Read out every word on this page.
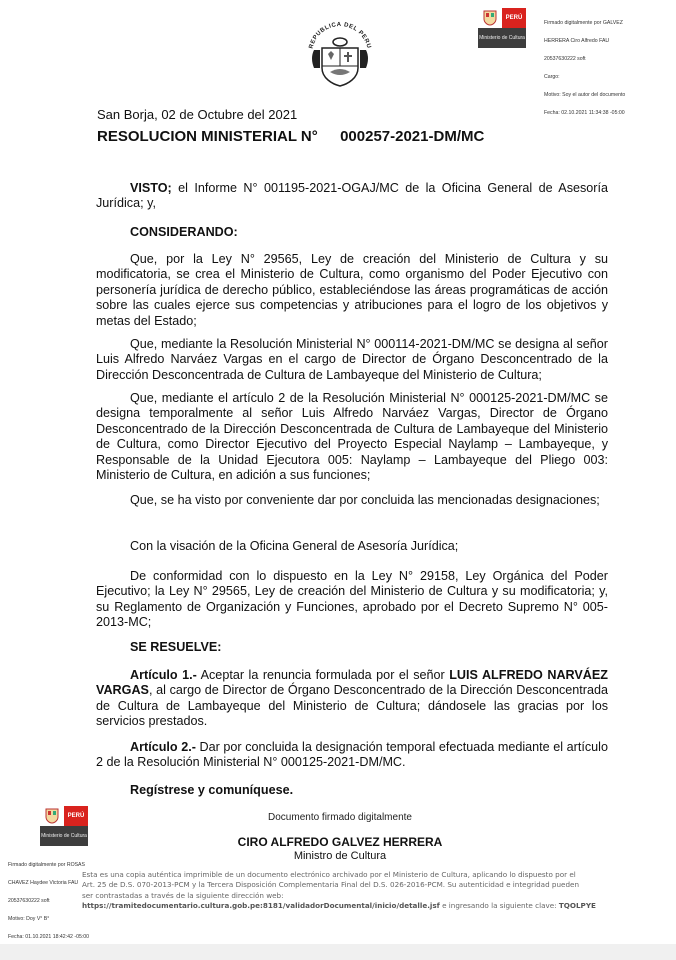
PERÚ
Ministerio de Cultura

Firmado digitalmente por GALVEZ

HERRERA Ciro Alfredo FAU

20537630222 soft

Cargo:

Motivo: Soy el autor del documento

Fecha: 02.10.2021 11:34:38 -05:00

REPUBLICA DEL PERU
San Borja, 02 de Octubre del 2021
RESOLUCION MINISTERIAL N° 000257-2021-DM/MC
VISTO; el Informe N° 001195-2021-OGAJ/MC de la Oficina General de Asesoría Jurídica; y,
CONSIDERANDO:
Que, por la Ley N° 29565, Ley de creación del Ministerio de Cultura y su modificatoria, se crea el Ministerio de Cultura, como organismo del Poder Ejecutivo con personería jurídica de derecho público, estableciéndose las áreas programáticas de acción sobre las cuales ejerce sus competencias y atribuciones para el logro de los objetivos y metas del Estado;
Que, mediante la Resolución Ministerial N° 000114-2021-DM/MC se designa al señor Luis Alfredo Narváez Vargas en el cargo de Director de Órgano Desconcentrado de la Dirección Desconcentrada de Cultura de Lambayeque del Ministerio de Cultura;
Que, mediante el artículo 2 de la Resolución Ministerial N° 000125-2021-DM/MC se designa temporalmente al señor Luis Alfredo Narváez Vargas, Director de Órgano Desconcentrado de la Dirección Desconcentrada de Cultura de Lambayeque del Ministerio de Cultura, como Director Ejecutivo del Proyecto Especial Naylamp – Lambayeque, y Responsable de la Unidad Ejecutora 005: Naylamp – Lambayeque del Pliego 003: Ministerio de Cultura, en adición a sus funciones;
Que, se ha visto por conveniente dar por concluida las mencionadas designaciones;
Con la visación de la Oficina General de Asesoría Jurídica;
De conformidad con lo dispuesto en la Ley N° 29158, Ley Orgánica del Poder Ejecutivo; la Ley N° 29565, Ley de creación del Ministerio de Cultura y su modificatoria; y, su Reglamento de Organización y Funciones, aprobado por el Decreto Supremo N° 005-2013-MC;
SE RESUELVE:
Artículo 1.- Aceptar la renuncia formulada por el señor LUIS ALFREDO NARVÁEZ VARGAS, al cargo de Director de Órgano Desconcentrado de la Dirección Desconcentrada de Cultura de Lambayeque del Ministerio de Cultura; dándosele las gracias por los servicios prestados.
Artículo 2.- Dar por concluida la designación temporal efectuada mediante el artículo 2 de la Resolución Ministerial N° 000125-2021-DM/MC.
Regístrese y comuníquese.
Documento firmado digitalmente
CIRO ALFREDO GALVEZ HERRERA
Ministro de Cultura
PERÚ
Ministerio de Cultura

Firmado digitalmente por ROSAS

CHAVEZ Haydee Victoria FAU

20537630222 soft

Motivo: Doy V° B°

Fecha: 01.10.2021 18:42:42 -05:00

Esta es una copia auténtica imprimible de un documento electrónico archivado por el Ministerio de Cultura, aplicando lo dispuesto por el
Art. 25 de D.S. 070-2013-PCM y la Tercera Disposición Complementaria Final del D.S. 026-2016-PCM. Su autenticidad e integridad pueden
ser contrastadas a través de la siguiente dirección web:
https://tramitedocumentario.cultura.gob.pe:8181/validadorDocumental/inicio/detalle.jsf e ingresando la siguiente clave: TQOLPYE
